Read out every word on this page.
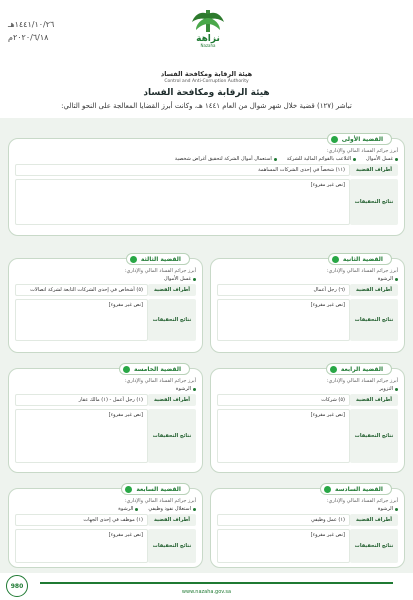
١٤٤١/١٠/٢٦هـ
٢٠٢٠/٦/١٨م	نزاهة
Nazaha
هيئة الرقابة ومكافحة الفساد
Control and Anti-Corruption Authority
هيئة الرقابة ومكافحة الفساد
تباشر (١٢٧) قضية خلال شهر شوال من العام ١٤٤١ هـ، وكانت أبرز القضايا المعالجة على النحو التالي:
القضية الأولى
أبرز جرائم الفساد المالي والإداري:
غسل الأموال
التلاعب بالقوائم المالية للشركة
استعمال أموال الشركة لتحقيق أغراض شخصية
أطراف القضية
(١١) شخصاً في إحدى الشركات المساهمة
نتائج التحقيقات
[نص غير مقروء]
القضية الثانية
أبرز جرائم الفساد المالي والإداري:
الرشوة
أطراف القضية
(٦) رجل أعمال
نتائج التحقيقات
[نص غير مقروء]
القضية الثالثة
أبرز جرائم الفساد المالي والإداري:
غسل الأموال
أطراف القضية
(٥) أشخاص في إحدى الشركات التابعة لشركة اتصالات
نتائج التحقيقات
[نص غير مقروء]
القضية الرابعة
أبرز جرائم الفساد المالي والإداري:
التزوير
أطراف القضية
(٥) شركات
نتائج التحقيقات
[نص غير مقروء]
القضية الخامسة
أبرز جرائم الفساد المالي والإداري:
الرشوة
أطراف القضية
(١) رجل أعمل - (١) مالك عقار
نتائج التحقيقات
[نص غير مقروء]
القضية السادسة
أبرز جرائم الفساد المالي والإداري:
الرشوة
أطراف القضية
(١) عمل وظيفي
نتائج التحقيقات
[نص غير مقروء]
القضية السابعة
أبرز جرائم الفساد المالي والإداري:
استغلال نفوذ وظيفي
الرشوة
أطراف القضية
(١) موظف في إحدى الجهات
نتائج التحقيقات
[نص غير مقروء]
www.nazaha.gov.sa
980
